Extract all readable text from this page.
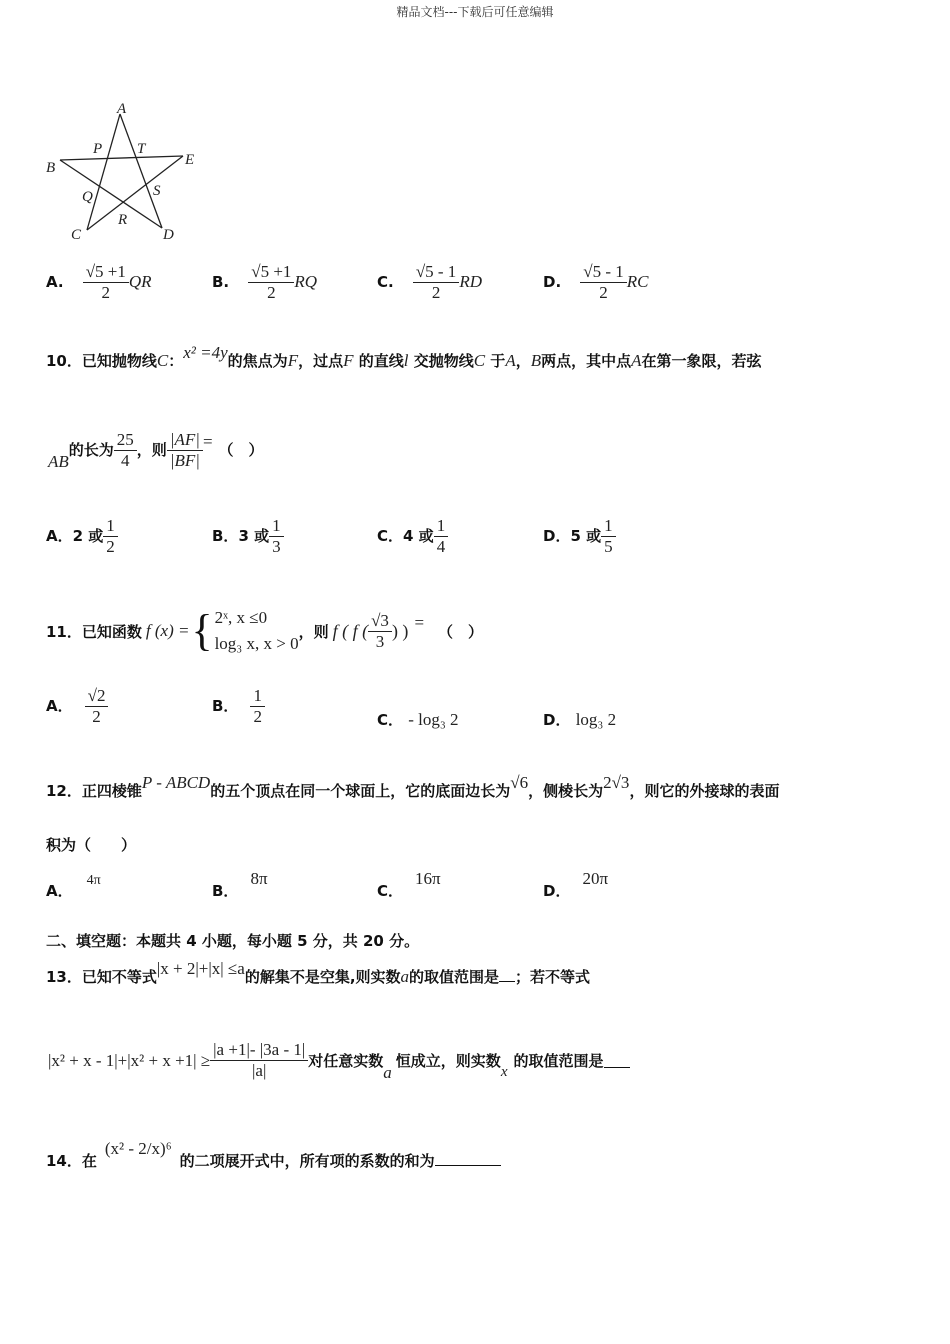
精品文档---下载后可任意编辑
A
P T
B	E
Q	S
R
C	D
A. $\frac{√5 +1}{2}$ QR	B. $\frac{√5 +1}{2}$ RQ	C. $\frac{√5 - 1}{2}$ RD	D. $\frac{√5 - 1}{2}$ RC
10．已知抛物线C：x² =4y的焦点为F，过点F 的直线l 交抛物线C 于A，B两点，其中点A在第一象限，若弦
AB的长为 $\frac{25}{4}$ ，则 $\frac{|AF|}{|BF|}$ = （　）
A．2 或 $\frac{1}{2}$	B．3 或 $\frac{1}{3}$	C．4 或 $\frac{1}{4}$	D．5 或 $\frac{1}{5}$
11． 已知函数 f (x) = { 2ˣ, x ≤0
log₃ x, x > 0
，则 f ( f ( $\frac{√3}{3}$ ) ) = （　）
A． $\frac{√2}{2}$	B． $\frac{1}{2}$	C． - log₃ 2	D． log₃ 2
12．正四棱锥P - ABCD的五个顶点在同一个球面上，它的底面边长为√6，侧棱长为2√3，则它的外接球的表面
积为（　　）
A．4π
B．8π
C．16π
D．20π
二、填空题：本题共 4 小题，每小题 5 分，共 20 分。
13．已知不等式|x + 2|+|x| ≤a的解集不是空集,则实数a的取值范围是 ；若不等式
$|x^2 + x - 1|+|x^2 + x +1| \ge \frac{|a +1|- |3a - 1|}{|a|}$ 对任意实数
a
恒成立，则实数
x
的取值范围是
14．在(x² - 2/x)⁶的二项展开式中，所有项的系数的和为
